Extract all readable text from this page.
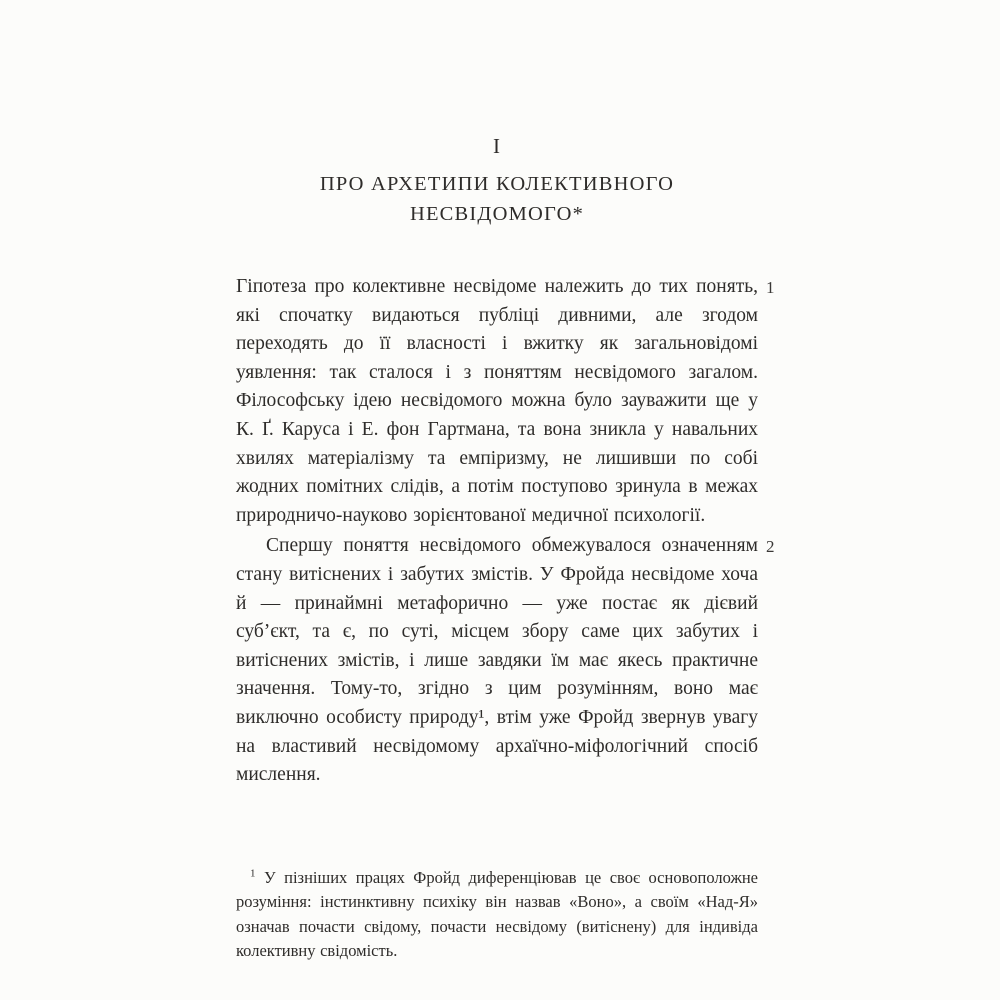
І
ПРО АРХЕТИПИ КОЛЕКТИВНОГО
НЕСВІДОМОГО*

Гіпотеза про колективне несвідоме належить до тих понять, які спочатку видаються публіці дивними, але згодом переходять до її власності і вжитку як загальновідомі уявлення: так сталося і з поняттям несвідомого загалом. Філософську ідею несвідомого можна було зауважити ще у К. Ґ. Каруса і Е. фон Гартмана, та вона зникла у навальних хвилях матеріалізму та емпіризму, не лишивши по собі жодних помітних слідів, а потім поступово зринула в межах природничо-науково зорієнтованої медичної психології.

1

Спершу поняття несвідомого обмежувалося означенням стану витіснених і забутих змістів. У Фройда несвідоме хоча й — принаймні метафорично — уже постає як дієвий суб’єкт, та є, по суті, місцем збору саме цих забутих і витіснених змістів, і лише завдяки їм має якесь практичне значення. Тому-то, згідно з цим розумінням, воно має виключно особисту природу¹, втім уже Фройд звернув увагу на властивий несвідомому архаїчно-міфологічний спосіб мислення.

2

$^1$ У пізніших працях Фройд диференціював це своє основоположне розуміння: інстинктивну психіку він назвав «Воно», а своїм «Над-Я» означав почасти свідому, почасти несвідому (витіснену) для індивіда колективну свідомість.
